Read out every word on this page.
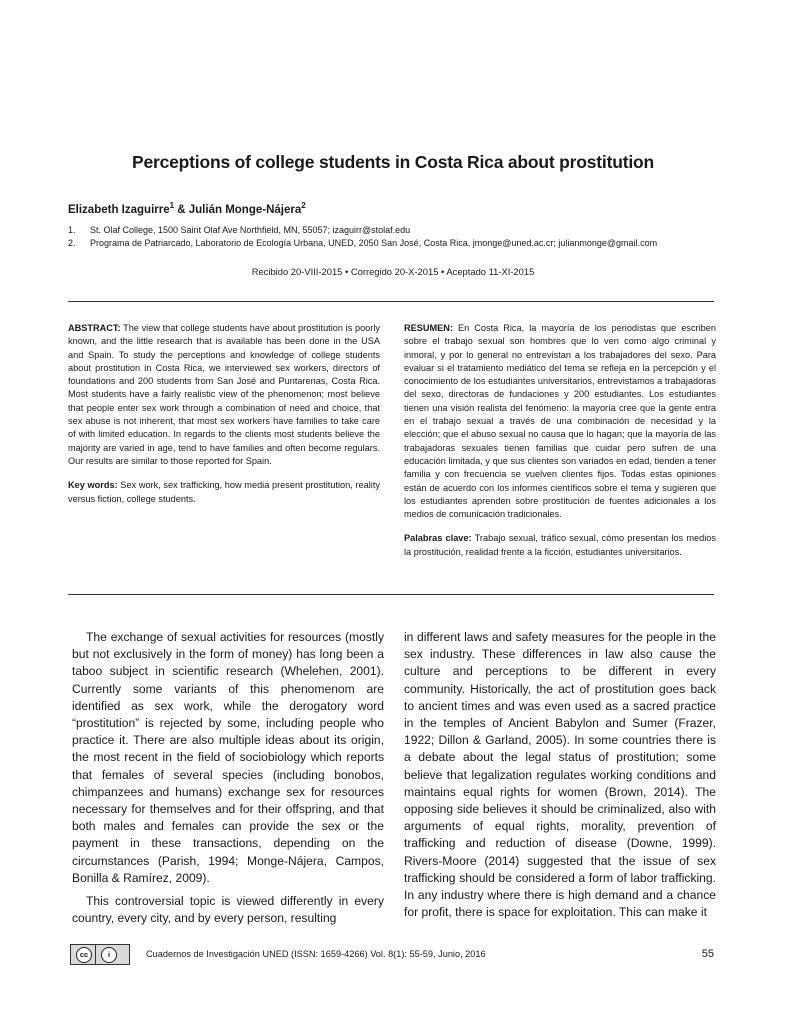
Perceptions of college students in Costa Rica about prostitution
Elizabeth Izaguirre$^1$ & Julián Monge-Nájera$^2$
1. St. Olaf College, 1500 Saint Olaf Ave Northfield, MN, 55057; izaguirr@stolaf.edu
2. Programa de Patriarcado, Laboratorio de Ecología Urbana, UNED, 2050 San José, Costa Rica, jmonge@uned.ac.cr; julianmonge@gmail.com
Recibido 20-VIII-2015 • Corregido 20-X-2015 • Aceptado 11-XI-2015
ABSTRACT: The view that college students have about prostitution is poorly known, and the little research that is available has been done in the USA and Spain. To study the perceptions and knowledge of college students about prostitution in Costa Rica, we interviewed sex workers, directors of foundations and 200 students from San José and Puntarenas, Costa Rica. Most students have a fairly realistic view of the phenomenon; most believe that people enter sex work through a combination of need and choice, that sex abuse is not inherent, that most sex workers have families to take care of with limited education. In regards to the clients most students believe the majority are varied in age, tend to have families and often become regulars. Our results are similar to those reported for Spain.
Key words: Sex work, sex trafficking, how media present prostitution, reality versus fiction, college students.
RESUMEN: En Costa Rica, la mayoría de los periodistas que escriben sobre el trabajo sexual son hombres que lo ven como algo criminal y inmoral, y por lo general no entrevistan a los trabajadores del sexo. Para evaluar si el tratamiento mediático del tema se refleja en la percepción y el conocimiento de los estudiantes universitarios, entrevistamos a trabajadoras del sexo, directoras de fundaciones y 200 estudiantes. Los estudiantes tienen una visión realista del fenómeno: la mayoría cree que la gente entra en el trabajo sexual a través de una combinación de necesidad y la elección; que el abuso sexual no causa que lo hagan; que la mayoría de las trabajadoras sexuales tienen familias que cuidar pero sufren de una educación limitada, y que sus clientes son variados en edad, tienden a tener familia y con frecuencia se vuelven clientes fijos. Todas estas opiniones están de acuerdo con los informes científicos sobre el tema y sugieren que los estudiantes aprenden sobre prostitución de fuentes adicionales a los medios de comunicación tradicionales.
Palabras clave: Trabajo sexual, tráfico sexual, cómo presentan los medios la prostitución, realidad frente a la ficción, estudiantes universitarios.

The exchange of sexual activities for resources (mostly but not exclusively in the form of money) has long been a taboo subject in scientific research (Whelehen, 2001). Currently some variants of this phenomenom are identified as sex work, while the derogatory word “prostitution” is rejected by some, including people who practice it. There are also multiple ideas about its origin, the most recent in the field of sociobiology which reports that females of several species (including bonobos, chimpanzees and humans) exchange sex for resources necessary for themselves and for their offspring, and that both males and females can provide the sex or the payment in these transactions, depending on the circumstances (Parish, 1994; Monge-Nájera, Campos, Bonilla & Ramírez, 2009).

This controversial topic is viewed differently in every country, every city, and by every person, resulting

in different laws and safety measures for the people in the sex industry. These differences in law also cause the culture and perceptions to be different in every community. Historically, the act of prostitution goes back to ancient times and was even used as a sacred practice in the temples of Ancient Babylon and Sumer (Frazer, 1922; Dillon & Garland, 2005). In some countries there is a debate about the legal status of prostitution; some believe that legalization regulates working conditions and maintains equal rights for women (Brown, 2014). The opposing side believes it should be criminalized, also with arguments of equal rights, morality, prevention of trafficking and reduction of disease (Downe, 1999). Rivers-Moore (2014) suggested that the issue of sex trafficking should be considered a form of labor trafficking. In any industry where there is high demand and a chance for profit, there is space for exploitation. This can make it

cc	i	Cuadernos de Investigación UNED (ISSN: 1659-4266) Vol. 8(1): 55-59, Junio, 2016	55
